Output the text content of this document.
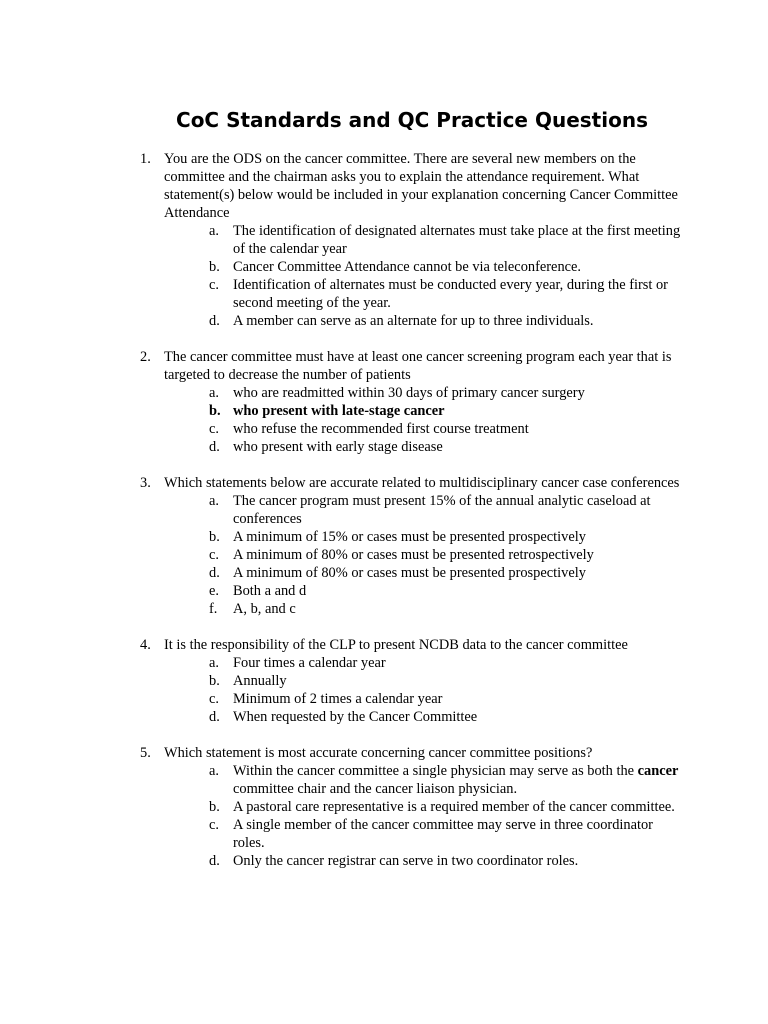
CoC Standards and QC Practice Questions
1. You are the ODS on the cancer committee. There are several new members on the committee and the chairman asks you to explain the attendance requirement. What statement(s) below would be included in your explanation concerning Cancer Committee Attendance
a. The identification of designated alternates must take place at the first meeting of the calendar year
b. Cancer Committee Attendance cannot be via teleconference.
c. Identification of alternates must be conducted every year, during the first or second meeting of the year.
d. A member can serve as an alternate for up to three individuals.
2. The cancer committee must have at least one cancer screening program each year that is targeted to decrease the number of patients
a. who are readmitted within 30 days of primary cancer surgery
b. who present with late-stage cancer
c. who refuse the recommended first course treatment
d. who present with early stage disease
3. Which statements below are accurate related to multidisciplinary cancer case conferences
a. The cancer program must present 15% of the annual analytic caseload at conferences
b. A minimum of 15% or cases must be presented prospectively
c. A minimum of 80% or cases must be presented retrospectively
d. A minimum of 80% or cases must be presented prospectively
e. Both a and d
f. A, b, and c
4. It is the responsibility of the CLP to present NCDB data to the cancer committee
a. Four times a calendar year
b. Annually
c. Minimum of 2 times a calendar year
d. When requested by the Cancer Committee
5. Which statement is most accurate concerning cancer committee positions?
a. Within the cancer committee a single physician may serve as both the cancer committee chair and the cancer liaison physician.
b. A pastoral care representative is a required member of the cancer committee.
c. A single member of the cancer committee may serve in three coordinator roles.
d. Only the cancer registrar can serve in two coordinator roles.
